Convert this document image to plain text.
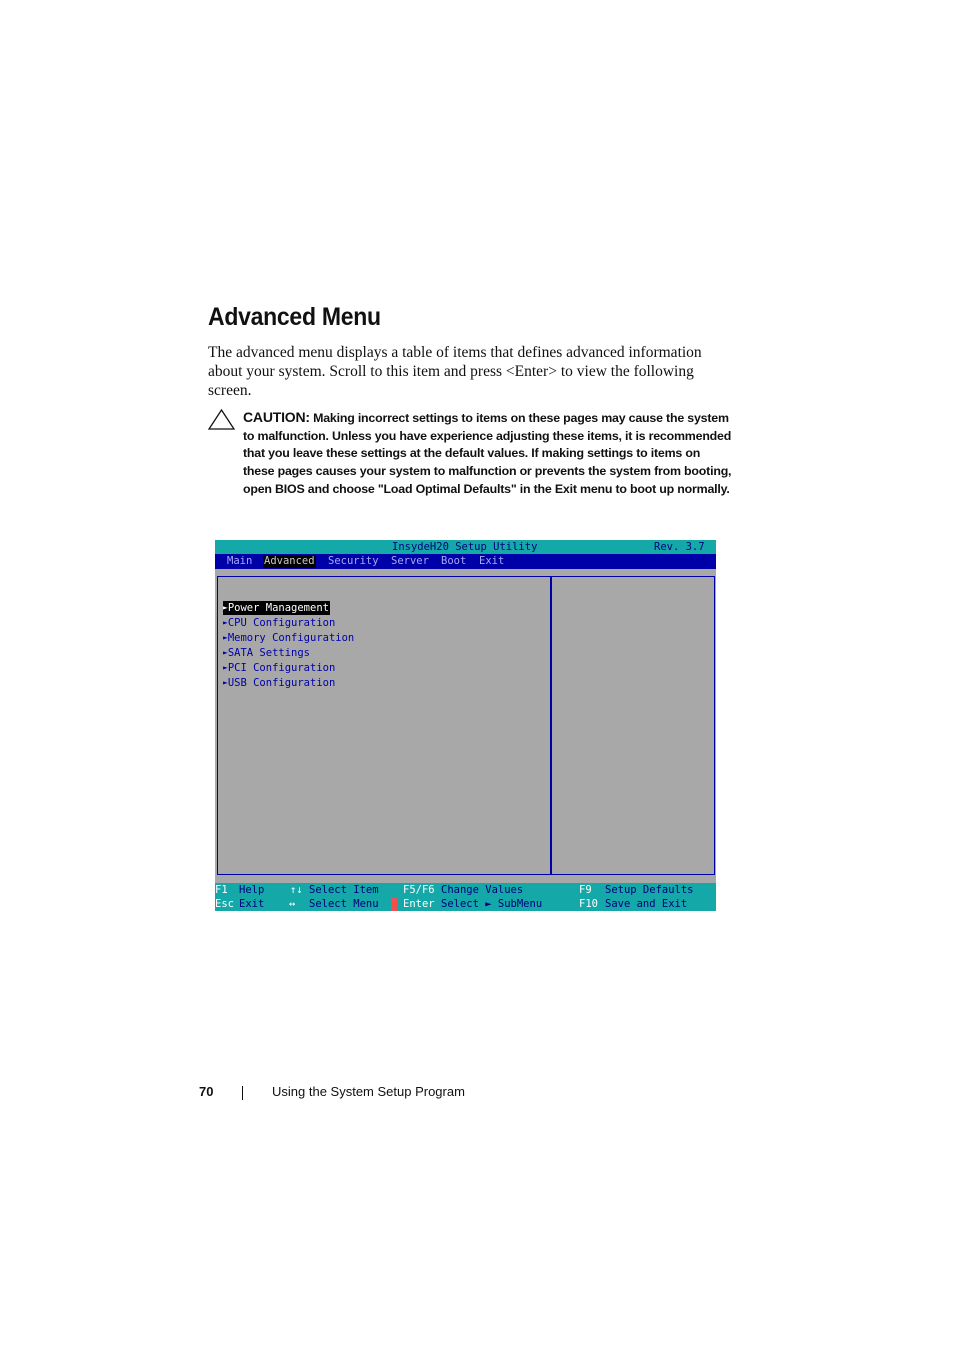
Advanced Menu

The advanced menu displays a table of items that defines advanced information about your system. Scroll to this item and press <Enter> to view the following screen.

CAUTION: Making incorrect settings to items on these pages may cause the system to malfunction. Unless you have experience adjusting these items, it is recommended that you leave these settings at the default values. If making settings to items on these pages causes your system to malfunction or prevents the system from booting, open BIOS and choose "Load Optimal Defaults" in the Exit menu to boot up normally.

InsydeH20 Setup Utility	Rev. 3.7
Main Advanced Security Server Boot Exit
►Power Management
►CPU Configuration
►Memory Configuration
►SATA Settings
►PCI Configuration
►USB Configuration
F1 Help
Esc Exit
↑↓ Select Item
↔ Select Menu
F5/F6 Change Values
Enter Select ► SubMenu
F9 Setup Defaults
F10 Save and Exit
70	Using the System Setup Program
